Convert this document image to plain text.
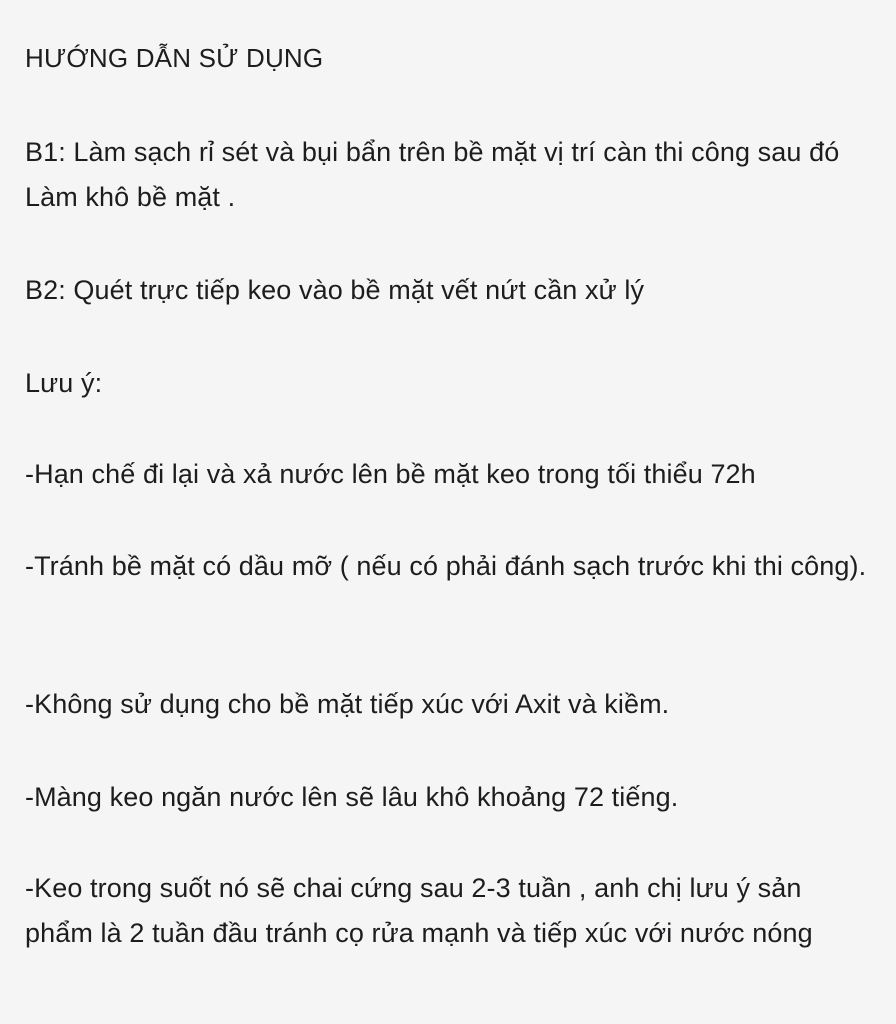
HƯỚNG DẪN SỬ DỤNG
B1: Làm sạch rỉ sét và bụi bẩn trên bề mặt vị trí càn thi công sau đó Làm khô bề mặt .
B2: Quét trực tiếp keo vào bề mặt vết nứt cần xử lý
Lưu ý:
-Hạn chế đi lại và xả nước lên bề mặt keo trong tối thiểu 72h
-Tránh bề mặt có dầu mỡ ( nếu có phải đánh sạch trước khi thi công).
-Không sử dụng cho bề mặt tiếp xúc với Axit và kiềm.
-Màng keo ngăn nước lên sẽ lâu khô khoảng 72 tiếng.
-Keo trong suốt nó sẽ chai cứng sau 2-3 tuần , anh chị lưu ý sản phẩm là 2 tuần đầu tránh cọ rửa mạnh và tiếp xúc với nước nóng
